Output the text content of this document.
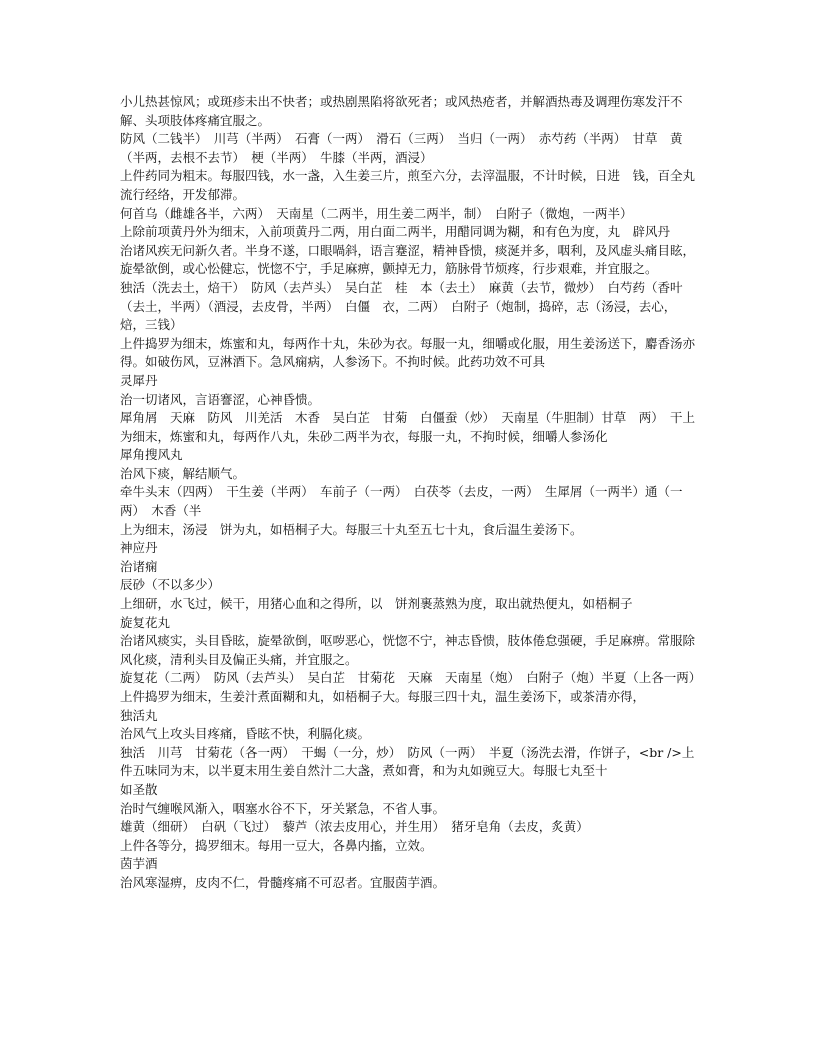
小儿热甚惊风；或斑疹未出不快者；或热剧黑陷将欲死者；或风热疮者，并解酒热毒及调理伤寒发汗不解、头项肢体疼痛宜服之。

防风（二钱半）　川芎（半两）　石膏（一两）　滑石（三两）　当归（一两）　赤芍药（半两）　甘草　黄（半两，去根不去节）　梗（半两）　牛膝（半两，酒浸）

上件药同为粗末。每服四钱，水一盏，入生姜三片，煎至六分，去滓温服，不计时候，日进　钱，百全丸

流行经络，开发郁滞。

何首乌（雌雄各半，六两）　天南星（二两半，用生姜二两半，制）　白附子（微炮，一两半）

上除前项黄丹外为细末，入前项黄丹二两，用白面二两半，用醋同调为糊，和有色为度，丸　辟风丹

治诸风疾无问新久者。半身不遂，口眼喎斜，语言蹇涩，精神昏愦，痰涎并多，咽利，及风虚头痛目眩，旋晕欲倒，或心忪健忘，恍惚不宁，手足麻痹，颤掉无力，筋脉骨节烦疼，行步艰难，并宜服之。

独活（洗去土，焙干）　防风（去芦头）　吴白芷　桂　本（去土）　麻黄（去节，微炒）　白芍药（香叶（去土，半两）（酒浸，去皮骨，半两）　白僵　衣，二两）　白附子（炮制，捣碎，志（汤浸，去心，焙，三钱）

上件捣罗为细末，炼蜜和丸，每两作十丸，朱砂为衣。每服一丸，细嚼或化服，用生姜汤送下，麝香汤亦得。如破伤风，豆淋酒下。急风痫病，人参汤下。不拘时候。此药功效不可具

灵犀丹

治一切诸风，言语謇涩，心神昏愦。

犀角屑　天麻　防风　川羌活　木香　吴白芷　甘菊　白僵蚕（炒）　天南星（牛胆制）甘草　两）　干上为细末，炼蜜和丸，每两作八丸，朱砂二两半为衣，每服一丸，不拘时候，细嚼人参汤化

犀角搜风丸

治风下痰，解结顺气。

牵牛头末（四两）　干生姜（半两）　车前子（一两）　白茯苓（去皮，一两）　生犀屑（一两半）通（一两）　木香（半

上为细末，汤浸　饼为丸，如梧桐子大。每服三十丸至五七十丸，食后温生姜汤下。

神应丹

治诸痫

辰砂（不以多少）

上细研，水飞过，候干，用猪心血和之得所，以　饼剂裹蒸熟为度，取出就热便丸，如梧桐子

旋复花丸

治诸风痰实，头目昏眩，旋晕欲倒，呕哕恶心，恍惚不宁，神志昏愦，肢体倦怠强硬，手足麻痹。常服除风化痰，清利头目及偏正头痛，并宜服之。

旋复花（二两）　防风（去芦头）　吴白芷　甘菊花　天麻　天南星（炮）　白附子（炮）半夏（上各一两）

上件捣罗为细末，生姜汁煮面糊和丸，如梧桐子大。每服三四十丸，温生姜汤下，或茶清亦得，

独活丸

治风气上攻头目疼痛，昏眩不快，利膈化痰。

独活　川芎　甘菊花（各一两）　干蝎（一分，炒）　防风（一两）　半夏（汤洗去滑，作饼子，<br />上件五味同为末，以半夏末用生姜自然汁二大盏，煮如膏，和为丸如豌豆大。每服七丸至十

如圣散

治时气缠喉风渐入，咽塞水谷不下，牙关紧急，不省人事。

雄黄（细研）　白矾（飞过）　藜芦（浓去皮用心，并生用）　猪牙皂角（去皮，炙黄）

上件各等分，捣罗细末。每用一豆大，各鼻内搐，立效。

茵芋酒

治风寒湿痹，皮肉不仁，骨髓疼痛不可忍者。宜服茵芋酒。
